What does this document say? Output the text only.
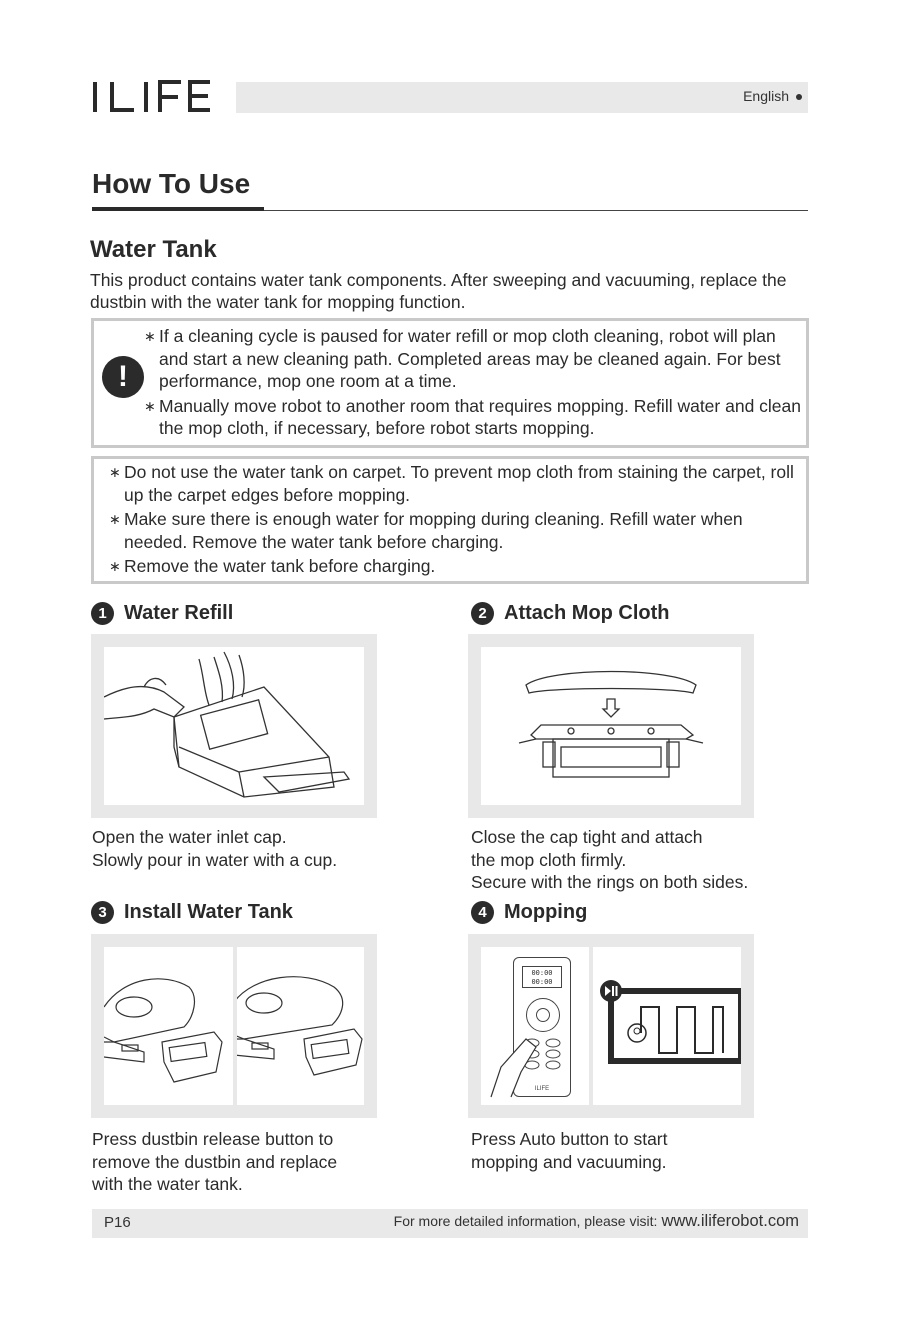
English
How To Use
Water Tank
This product contains water tank components. After sweeping and vacuuming, replace the dustbin with the water tank for mopping function.
!
∗ If a cleaning cycle is paused for water refill or mop cloth cleaning, robot will plan and start a new cleaning path. Completed areas may be cleaned again. For best performance, mop one room at a time.
∗ Manually move robot to another room that requires mopping. Refill water and clean the mop cloth, if necessary, before robot starts mopping.
∗ Do not use the water tank on carpet. To prevent mop cloth from staining the carpet, roll up the carpet edges before mopping.
∗ Make sure there is enough water for mopping during cleaning. Refill water when needed. Remove the water tank before charging.
∗ Remove the water tank before charging.
1 Water Refill
Open the water inlet cap.
Slowly pour in water with a cup.
2 Attach Mop Cloth
Close the cap tight and attach
the mop cloth firmly.
Secure with the rings on both sides.
3 Install Water Tank
Press dustbin release button to
remove the dustbin and replace
with the water tank.
4 Mopping
00:00
00:00
ILIFE
Press Auto button to start
mopping and vacuuming.
P16	For more detailed information, please visit: www.iliferobot.com
